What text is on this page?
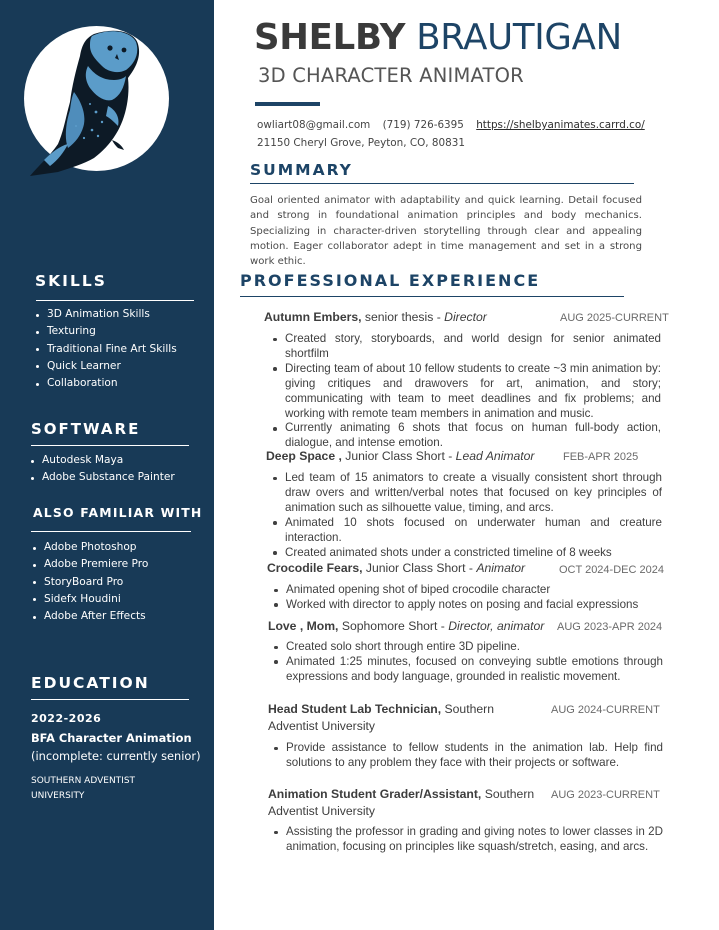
SKILLS
3D Animation Skills
Texturing
Traditional Fine Art Skills
Quick Learner
Collaboration
SOFTWARE
Autodesk Maya
Adobe Substance Painter
ALSO FAMILIAR WITH
Adobe Photoshop
Adobe Premiere Pro
StoryBoard Pro
Sidefx Houdini
Adobe After Effects
EDUCATION
2022-2026
BFA Character Animation
(incomplete: currently senior)
SOUTHERN ADVENTIST UNIVERSITY
SHELBY BRAUTIGAN
3D CHARACTER ANIMATOR
owliart08@gmail.com (719) 726-6395 https://shelbyanimates.carrd.co/
21150 Cheryl Grove, Peyton, CO, 80831
SUMMARY
Goal oriented animator with adaptability and quick learning. Detail focused and strong in foundational animation principles and body mechanics. Specializing in character-driven storytelling through clear and appealing motion. Eager collaborator adept in time management and set in a strong work ethic.
PROFESSIONAL EXPERIENCE
Autumn Embers, senior thesis - Director	AUG 2025-CURRENT
Created story, storyboards, and world design for senior animated shortfilm
Directing team of about 10 fellow students to create ~3 min animation by: giving critiques and drawovers for art, animation, and story; communicating with team to meet deadlines and fix problems; and working with remote team members in animation and music.
Currently animating 6 shots that focus on human full-body action, dialogue, and intense emotion.
Deep Space , Junior Class Short - Lead Animator	FEB-APR 2025
Led team of 15 animators to create a visually consistent short through draw overs and written/verbal notes that focused on key principles of animation such as silhouette value, timing, and arcs.
Animated 10 shots focused on underwater human and creature interaction.
Created animated shots under a constricted timeline of 8 weeks
Crocodile Fears, Junior Class Short - Animator	OCT 2024-DEC 2024
Animated opening shot of biped crocodile character
Worked with director to apply notes on posing and facial expressions
Love , Mom, Sophomore Short - Director, animator AUG 2023-APR 2024
Created solo short through entire 3D pipeline.
Animated 1:25 minutes, focused on conveying subtle emotions through expressions and body language, grounded in realistic movement.
Head Student Lab Technician, Southern Adventist University
AUG 2024-CURRENT
Provide assistance to fellow students in the animation lab. Help find solutions to any problem they face with their projects or software.
Animation Student Grader/Assistant, Southern Adventist University
AUG 2023-CURRENT
Assisting the professor in grading and giving notes to lower classes in 2D animation, focusing on principles like squash/stretch, easing, and arcs.
